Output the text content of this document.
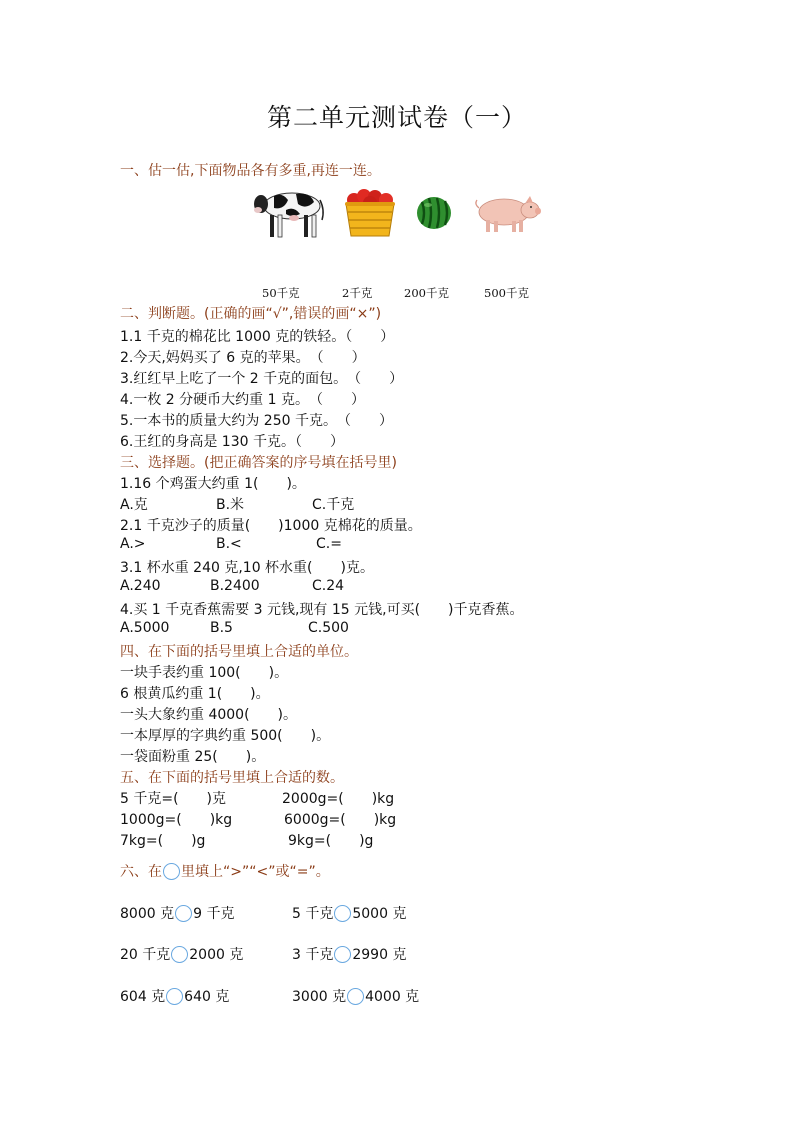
第二单元测试卷（一）
一、估一估,下面物品各有多重,再连一连。
50千克	2千克	200千克	500千克
二、判断题。(正确的画“√”,错误的画“×”)
1.1 千克的棉花比 1000 克的铁轻。（　　）
2.今天,妈妈买了 6 克的苹果。　（　　）
3.红红早上吃了一个 2 千克的面包。　（　　）
4.一枚 2 分硬币大约重 1 克。　（　　）
5.一本书的质量大约为 250 千克。　（　　）
6.王红的身高是 130 千克。（　　）
三、选择题。(把正确答案的序号填在括号里)
1.16 个鸡蛋大约重 1(　　)。
A.克	B.米	C.千克
2.1 千克沙子的质量(　　)1000 克棉花的质量。
A.>	B.<	C.=
3.1 杯水重 240 克,10 杯水重(　　)克。
A.240	B.2400	C.24
4.买 1 千克香蕉需要 3 元钱,现有 15 元钱,可买(　　)千克香蕉。
A.5000	B.5	C.500
四、在下面的括号里填上合适的单位。
一块手表约重 100(　　)。
6 根黄瓜约重 1(　　)。
一头大象约重 4000(　　)。
一本厚厚的字典约重 500(　　)。
一袋面粉重 25(　　)。
五、在下面的括号里填上合适的数。
5 千克=(　　)克	2000g=(　　)kg
1000g=(　　)kg	6000g=(　　)kg
7kg=(　　)g	9kg=(　　)g
六、在 里填上“>”“<”或“=”。
8000 克 9 千克	5 千克 5000 克
20 千克 2000 克	3 千克 2990 克
604 克 640 克	3000 克 4000 克
